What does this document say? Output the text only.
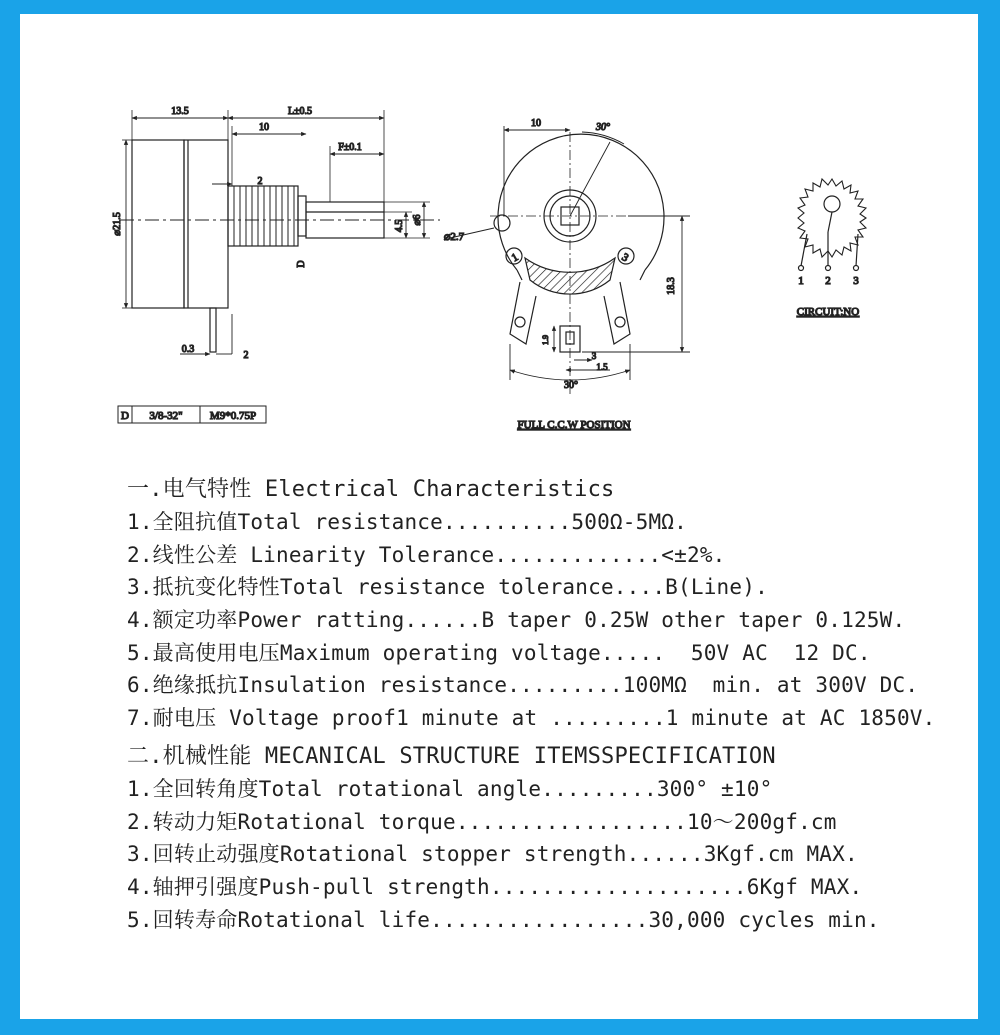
13.5	L±0.5
10
F±0.1
2
⌀21.5	4.5 ⌀6
D
0.3
2
D 3/8-32" M9*0.75P
1	3
10	30°
⌀2.7
18.3
1.9
3
1.5
30°
FULL C.C.W POSITION
1 2 3
CIRCUIT:NO
一.电气特性 Electrical Characteristics
1.全阻抗值Total resistance..........500Ω-5MΩ.
2.线性公差 Linearity Tolerance.............<±2%.
3.抵抗变化特性Total resistance tolerance....B(Line).
4.额定功率Power ratting......B taper 0.25W other taper 0.125W.
5.最高使用电压Maximum operating voltage.....  50V AC  12 DC.
6.绝缘抵抗Insulation resistance.........100MΩ  min. at 300V DC.
7.耐电压 Voltage proof1 minute at .........1 minute at AC 1850V.
二.机械性能 MECANICAL STRUCTURE ITEMSSPECIFICATION
1.全回转角度Total rotational angle.........300° ±10°
2.转动力矩Rotational torque..................10～200gf.cm
3.回转止动强度Rotational stopper strength......3Kgf.cm MAX.
4.轴押引强度Push-pull strength....................6Kgf MAX.
5.回转寿命Rotational life.................30,000 cycles min.
